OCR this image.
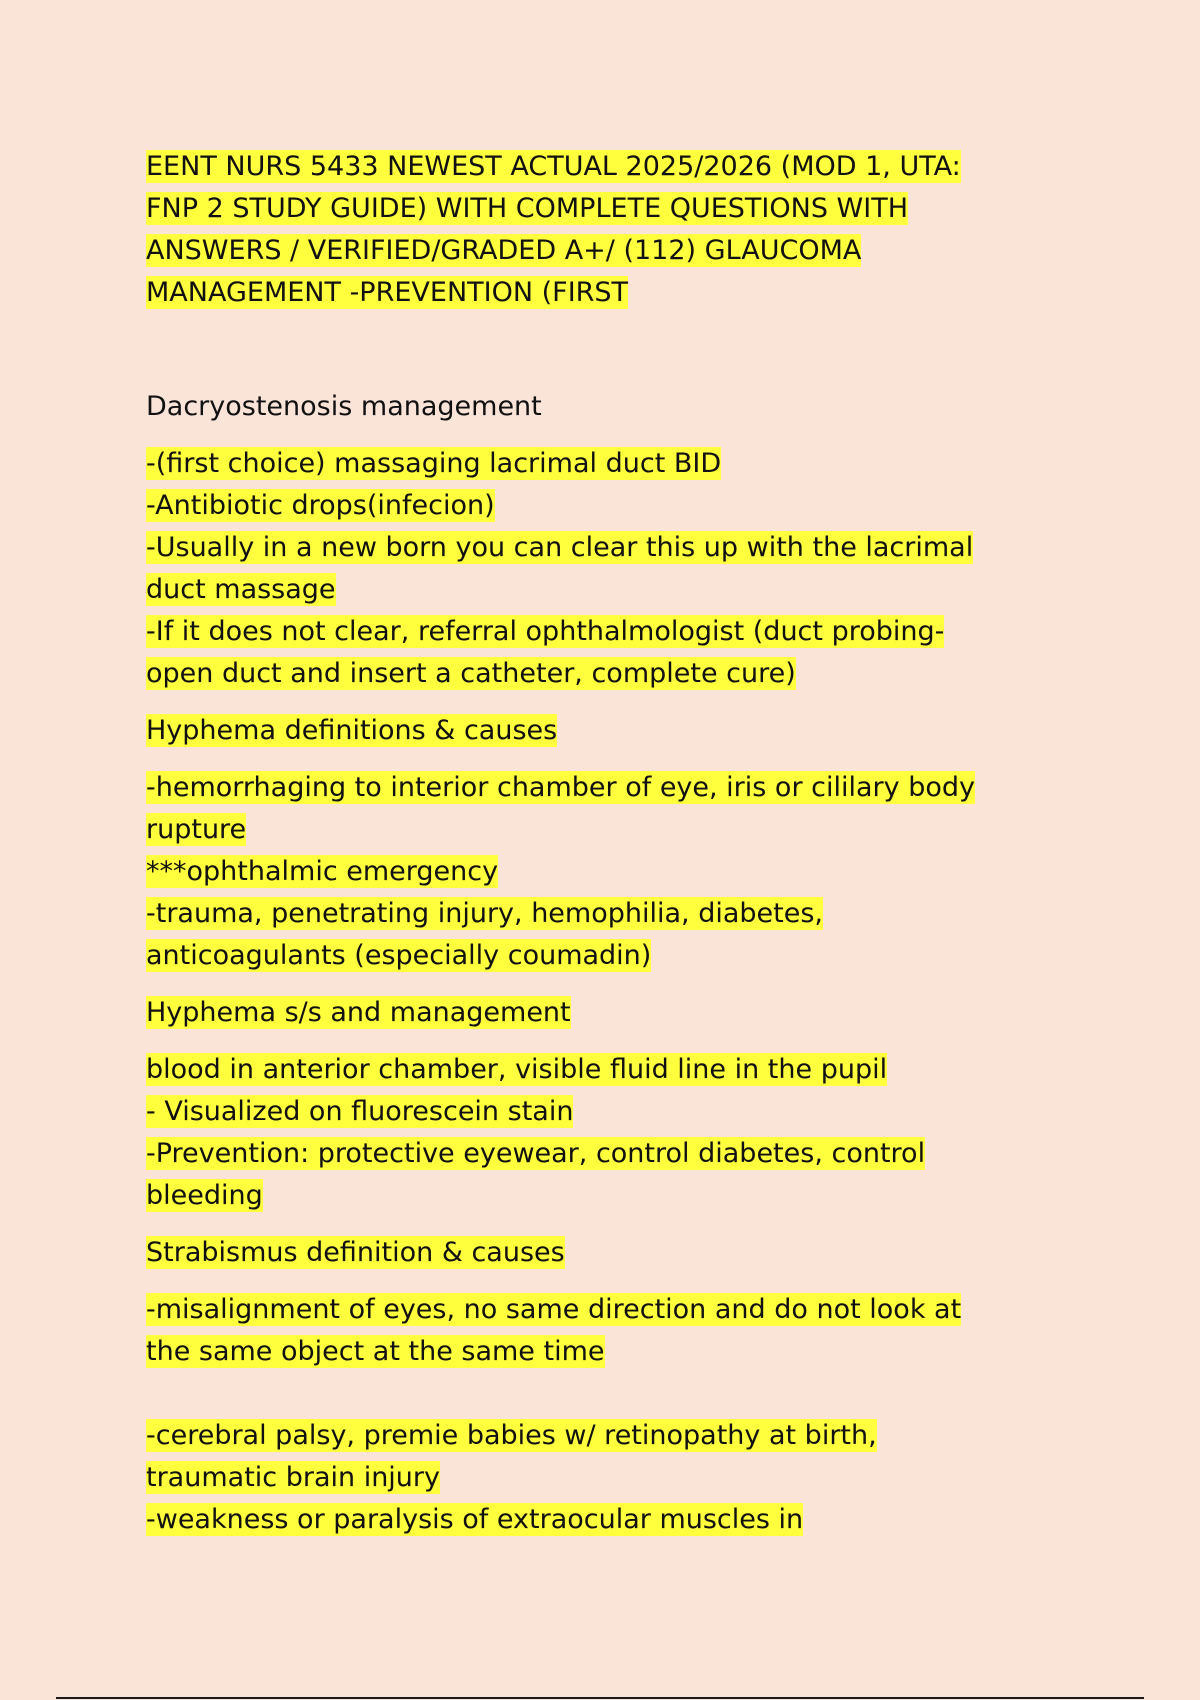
EENT NURS 5433 NEWEST ACTUAL 2025/2026 (MOD 1, UTA:
FNP 2 STUDY GUIDE) WITH COMPLETE QUESTIONS WITH
ANSWERS / VERIFIED/GRADED A+/ (112) GLAUCOMA
MANAGEMENT -PREVENTION (FIRST
Dacryostenosis management
-(first choice) massaging lacrimal duct BID
-Antibiotic drops(infecion)
-Usually in a new born you can clear this up with the lacrimal
duct massage
-If it does not clear, referral ophthalmologist (duct probing-
open duct and insert a catheter, complete cure)
Hyphema definitions & causes
-hemorrhaging to interior chamber of eye, iris or cililary body
rupture
***ophthalmic emergency
-trauma, penetrating injury, hemophilia, diabetes,
anticoagulants (especially coumadin)
Hyphema s/s and management
blood in anterior chamber, visible fluid line in the pupil
- Visualized on fluorescein stain
-Prevention: protective eyewear, control diabetes, control
bleeding
Strabismus definition & causes
-misalignment of eyes, no same direction and do not look at
the same object at the same time
-cerebral palsy, premie babies w/ retinopathy at birth,
traumatic brain injury
-weakness or paralysis of extraocular muscles in
